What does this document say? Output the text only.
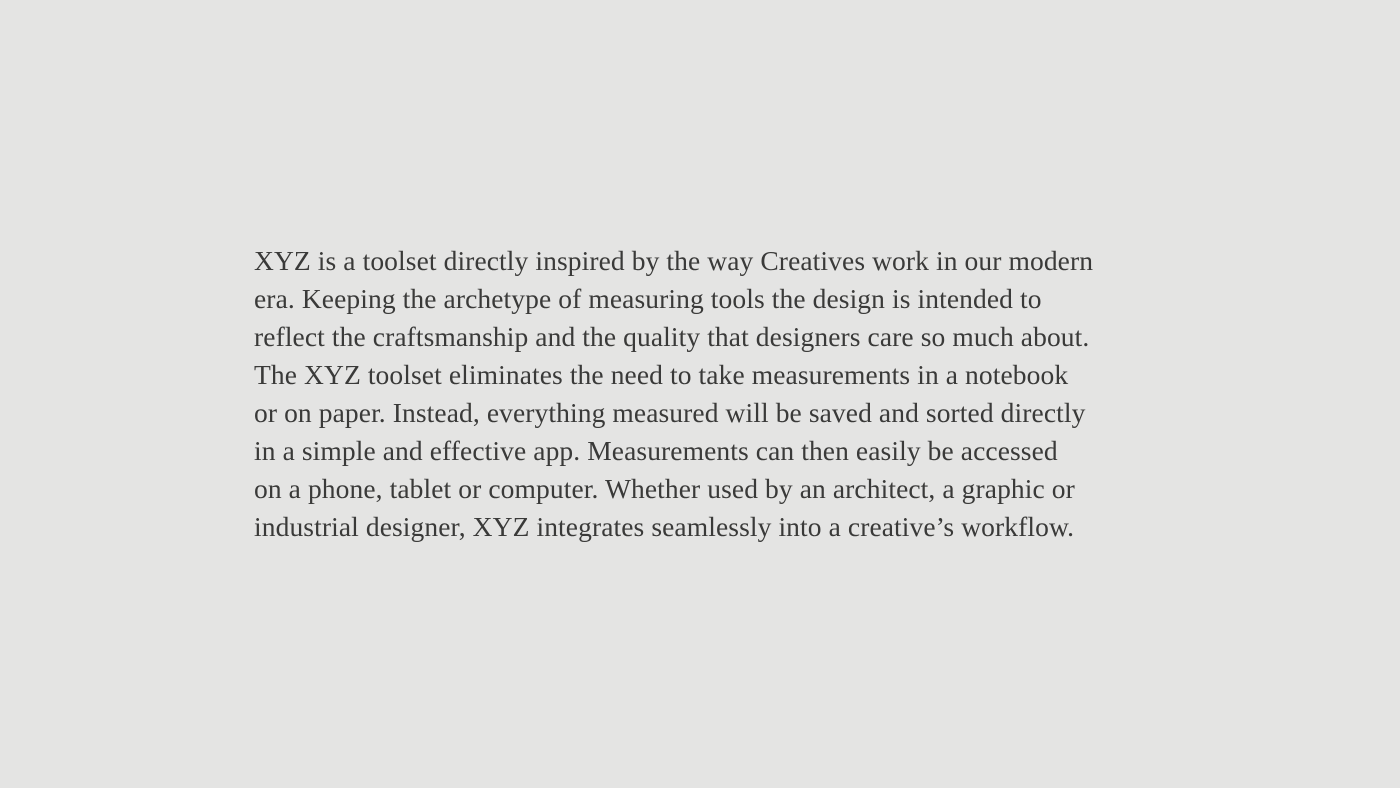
XYZ is a toolset directly inspired by the way Creatives work in our modern
era. Keeping the archetype of measuring tools the design is intended to
reflect the craftsmanship and the quality that designers care so much about.
The XYZ toolset eliminates the need to take measurements in a notebook
or on paper. Instead, everything measured will be saved and sorted directly
in a simple and effective app. Measurements can then easily be accessed
on a phone, tablet or computer. Whether used by an architect, a graphic or
industrial designer, XYZ integrates seamlessly into a creative’s workflow.
